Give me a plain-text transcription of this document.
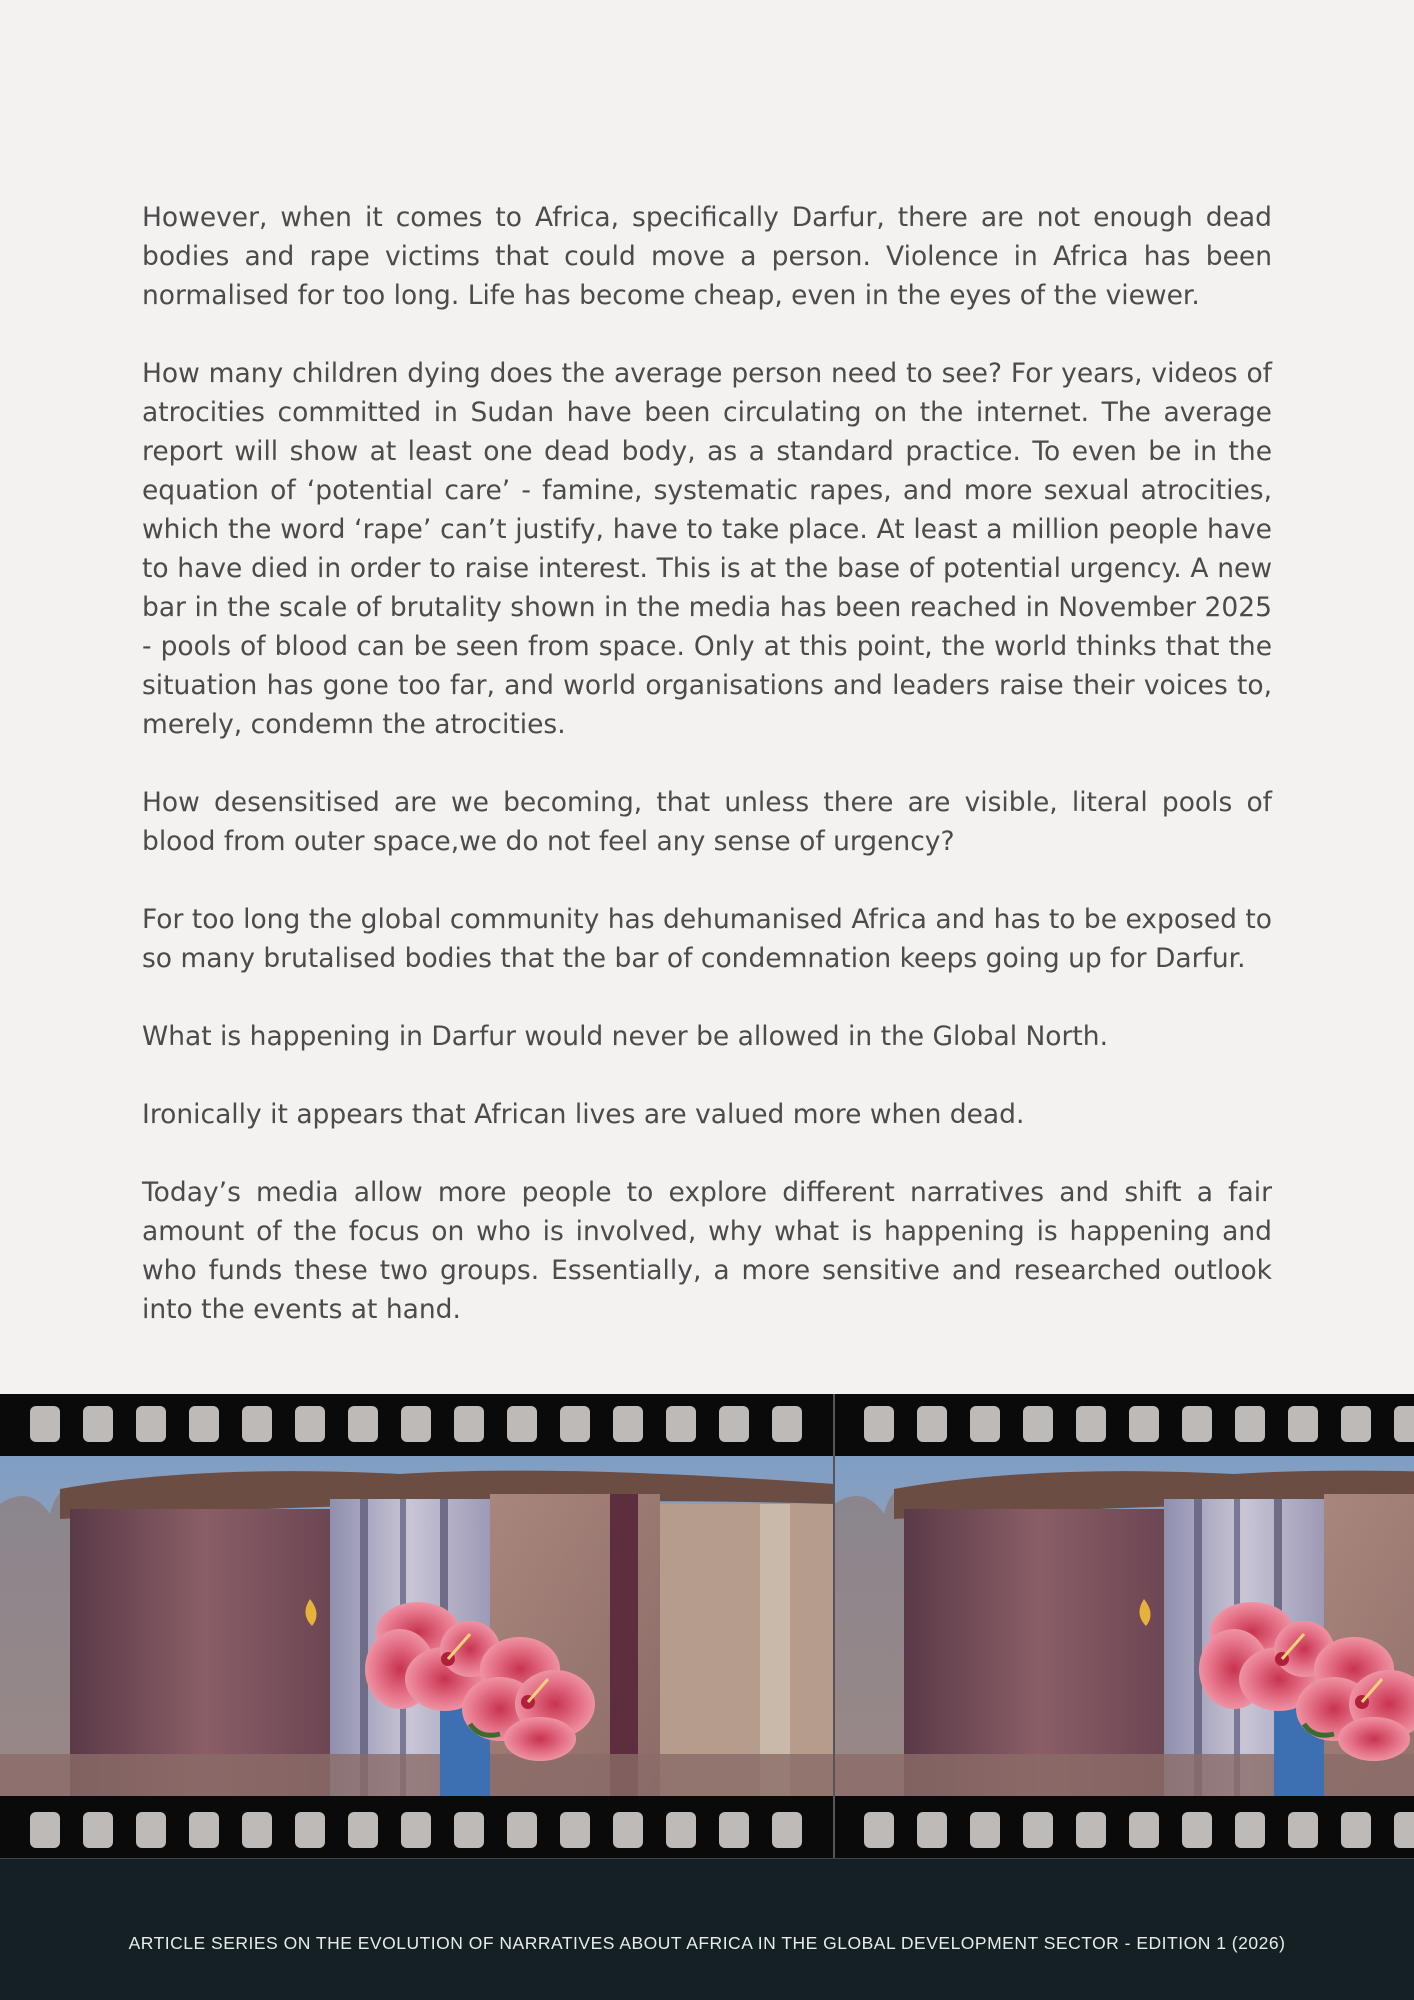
However, when it comes to Africa, specifically Darfur, there are not enough dead bodies and rape victims that could move a person. Violence in Africa has been normalised for too long. Life has become cheap, even in the eyes of the viewer.

How many children dying does the average person need to see? For years, videos of atrocities committed in Sudan have been circulating on the internet. The average report will show at least one dead body, as a standard practice. To even be in the equation of ‘potential care’ - famine, systematic rapes, and more sexual atrocities, which the word ‘rape’ can’t justify, have to take place. At least a million people have to have died in order to raise interest. This is at the base of potential urgency. A new bar in the scale of brutality shown in the media has been reached in November 2025 - pools of blood can be seen from space. Only at this point, the world thinks that the situation has gone too far, and world organisations and leaders raise their voices to, merely, condemn the atrocities.

How desensitised are we becoming, that unless there are visible, literal pools of blood from outer space,we do not feel any sense of urgency?

For too long the global community has dehumanised Africa and has to be exposed to so many brutalised bodies that the bar of condemnation keeps going up for Darfur.

What is happening in Darfur would never be allowed in the Global North.

Ironically it appears that African lives are valued more when dead.

Today’s media allow more people to explore different narratives and shift a fair amount of the focus on who is involved, why what is happening is happening and who funds these two groups. Essentially, a more sensitive and researched outlook into the events at hand.

ARTICLE SERIES ON THE EVOLUTION OF NARRATIVES ABOUT AFRICA IN THE GLOBAL DEVELOPMENT SECTOR - EDITION 1 (2026)
